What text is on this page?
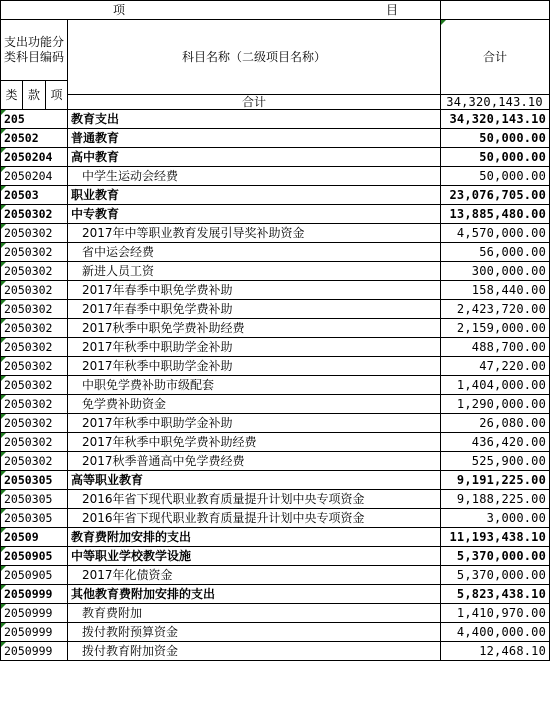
项 目					

支出功能分类科目编码			科目名称（二级项目名称）	合计	
类	款	项	

			合计	34,320,143.10	
205			教育支出	34,320,143.10	
20502			普通教育	50,000.00	
2050204			高中教育	50,000.00	
2050204			中学生运动会经费	50,000.00	
20503			职业教育	23,076,705.00	
2050302			中专教育	13,885,480.00	
2050302			2017年中等职业教育发展引导奖补助资金	4,570,000.00	
2050302			省中运会经费	56,000.00	
2050302			新进人员工资	300,000.00	
2050302			2017年春季中职免学费补助	158,440.00	
2050302			2017年春季中职免学费补助	2,423,720.00	
2050302			2017秋季中职免学费补助经费	2,159,000.00	
2050302			2017年秋季中职助学金补助	488,700.00	
2050302			2017年秋季中职助学金补助	47,220.00	
2050302			中职免学费补助市级配套	1,404,000.00	
2050302			免学费补助资金	1,290,000.00	
2050302			2017年秋季中职助学金补助	26,080.00	
2050302			2017年秋季中职免学费补助经费	436,420.00	
2050302			2017秋季普通高中免学费经费	525,900.00	
2050305			高等职业教育	9,191,225.00	
2050305			2016年省下现代职业教育质量提升计划中央专项资金	9,188,225.00	
2050305			2016年省下现代职业教育质量提升计划中央专项资金	3,000.00	
20509			教育费附加安排的支出	11,193,438.10	
2050905			中等职业学校教学设施	5,370,000.00	
2050905			2017年化债资金	5,370,000.00	
2050999			其他教育费附加安排的支出	5,823,438.10	
2050999			教育费附加	1,410,970.00	
2050999			拨付教附预算资金	4,400,000.00	
2050999			拨付教育附加资金	12,468.10	
